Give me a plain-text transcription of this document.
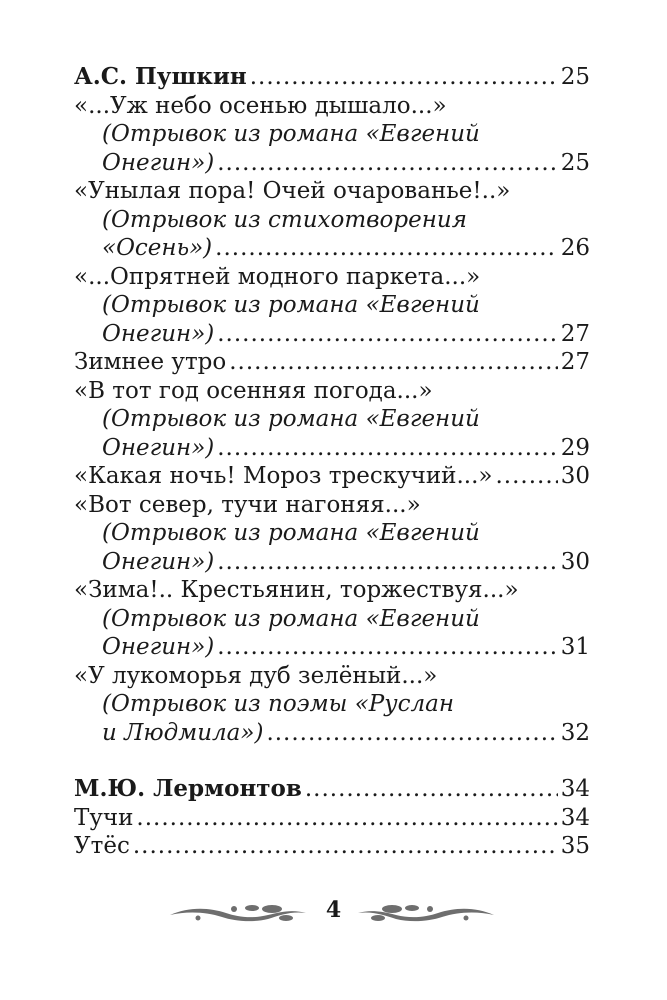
А.С. Пушкин .....	25
«...Уж небо осенью дышало...»
(Отрывок из романа «Евгений
Онегин») .....	25
«Унылая пора! Очей очарованье!..»
(Отрывок из стихотворения
«Осень») .....	26
«...Опрятней модного паркета...»
(Отрывок из романа «Евгений
Онегин») .....	27
Зимнее утро .....	27
«В тот год осенняя погода...»
(Отрывок из романа «Евгений
Онегин») .....	29
«Какая ночь! Мороз трескучий...» .....	30
«Вот север, тучи нагоняя...»
(Отрывок из романа «Евгений
Онегин») .....	30
«Зима!.. Крестьянин, торжествуя...»
(Отрывок из романа «Евгений
Онегин») .....	31
«У лукоморья дуб зелёный...»
(Отрывок из поэмы «Руслан
и Людмила») .....	32
М.Ю. Лермонтов .....	34
Тучи .....	34
Утёс .....	35
4
